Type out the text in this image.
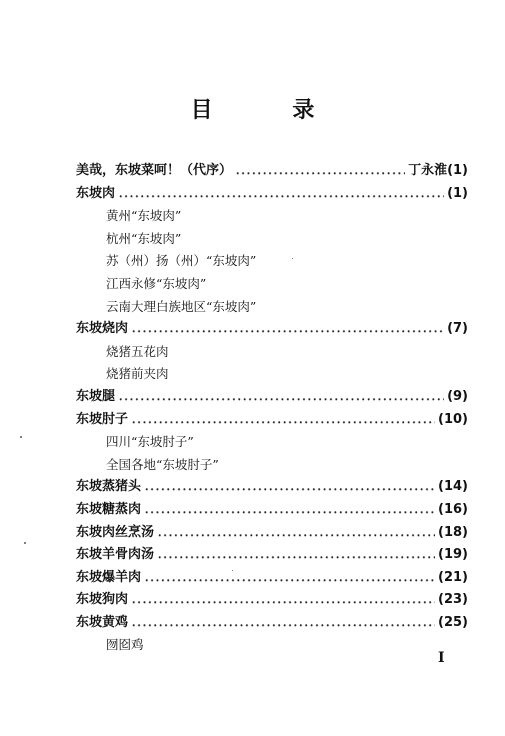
目 录
美哉，东坡菜呵！（代序）	丁永淮(1)
东坡肉	(1)
黄州“东坡肉”
杭州“东坡肉”
苏（州）扬（州）“东坡肉”
江西永修“东坡肉”
云南大理白族地区“东坡肉”
东坡烧肉	(7)
烧猪五花肉
烧猪前夹肉
东坡腿	(9)
东坡肘子	(10)
四川“东坡肘子”
全国各地“东坡肘子”
东坡蒸猪头	(14)
东坡糖蒸肉	(16)
东坡肉丝烹汤	(18)
东坡羊骨肉汤	(19)
东坡爆羊肉	(21)
东坡狗肉	(23)
东坡黄鸡	(25)
囫囵鸡
I
